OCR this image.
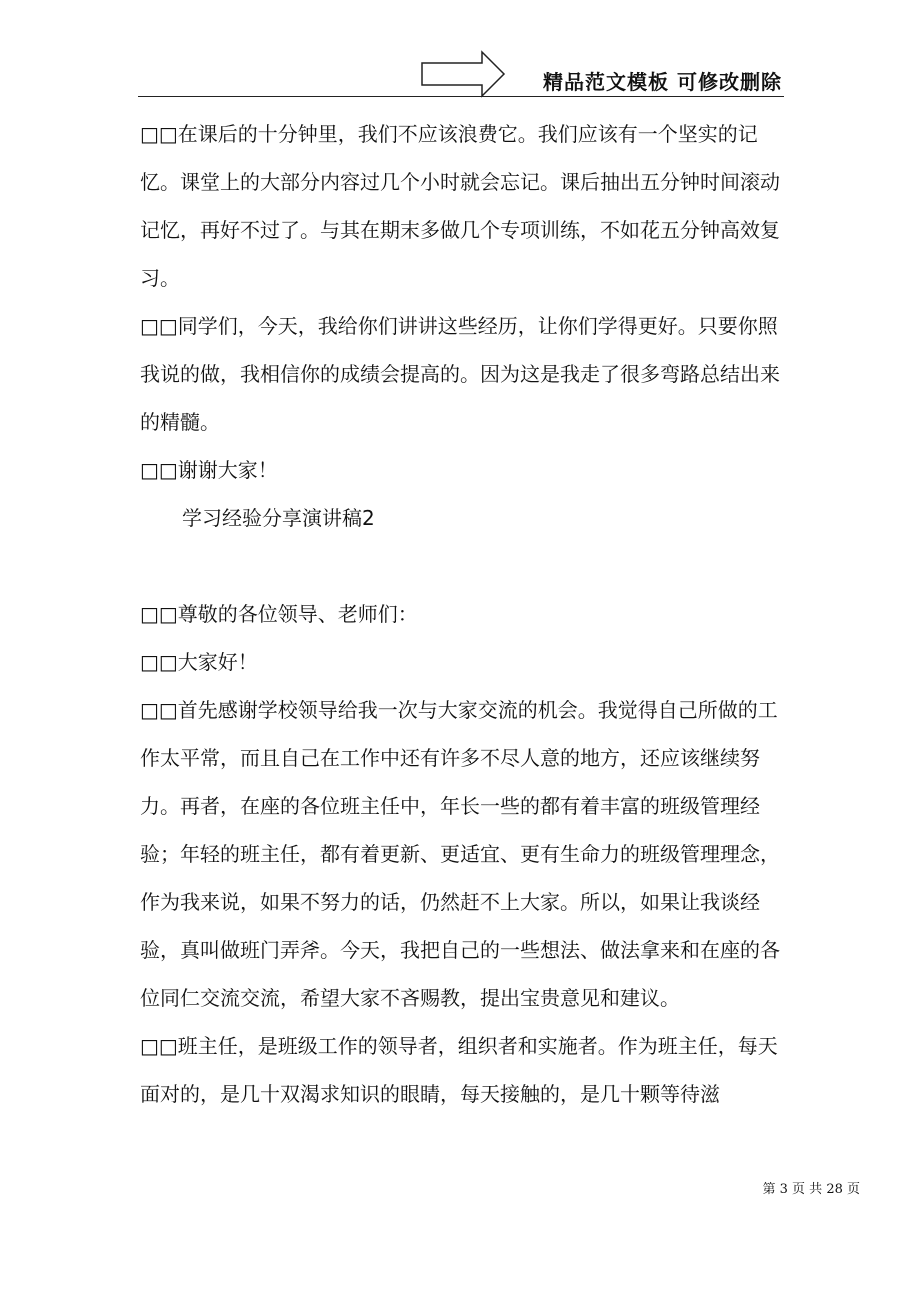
精品范文模板 可修改删除

□□在课后的十分钟里，我们不应该浪费它。我们应该有一个坚实的记忆。课堂上的大部分内容过几个小时就会忘记。课后抽出五分钟时间滚动记忆，再好不过了。与其在期末多做几个专项训练，不如花五分钟高效复习。

□□同学们，今天，我给你们讲讲这些经历，让你们学得更好。只要你照我说的做，我相信你的成绩会提高的。因为这是我走了很多弯路总结出来的精髓。

□□谢谢大家！

学习经验分享演讲稿2

□□尊敬的各位领导、老师们：

□□大家好！

□□首先感谢学校领导给我一次与大家交流的机会。我觉得自己所做的工作太平常，而且自己在工作中还有许多不尽人意的地方，还应该继续努力。再者，在座的各位班主任中，年长一些的都有着丰富的班级管理经验；年轻的班主任，都有着更新、更适宜、更有生命力的班级管理理念，作为我来说，如果不努力的话，仍然赶不上大家。所以，如果让我谈经验，真叫做班门弄斧。今天，我把自己的一些想法、做法拿来和在座的各位同仁交流交流，希望大家不吝赐教，提出宝贵意见和建议。

□□班主任，是班级工作的领导者，组织者和实施者。作为班主任，每天面对的，是几十双渴求知识的眼睛，每天接触的，是几十颗等待滋

第 3 页 共 28 页
